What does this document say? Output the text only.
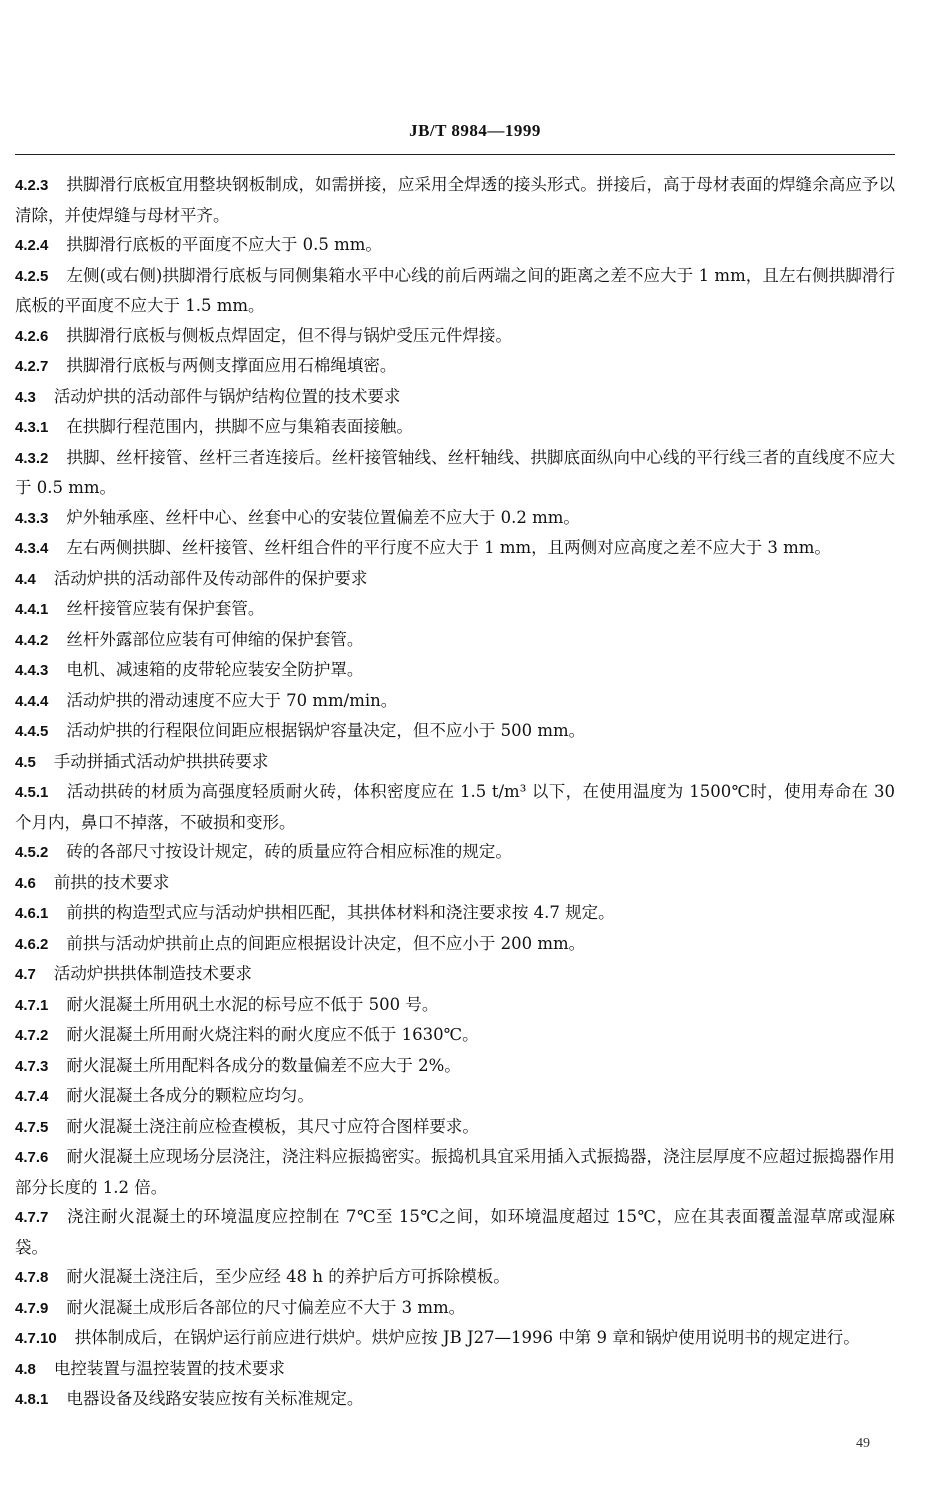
JB/T 8984—1999
4.2.3 拱脚滑行底板宜用整块钢板制成，如需拼接，应采用全焊透的接头形式。拼接后，高于母材表面的焊缝余高应予以清除，并使焊缝与母材平齐。
4.2.4 拱脚滑行底板的平面度不应大于 0.5 mm。
4.2.5 左侧(或右侧)拱脚滑行底板与同侧集箱水平中心线的前后两端之间的距离之差不应大于 1 mm，且左右侧拱脚滑行底板的平面度不应大于 1.5 mm。
4.2.6 拱脚滑行底板与侧板点焊固定，但不得与锅炉受压元件焊接。
4.2.7 拱脚滑行底板与两侧支撑面应用石棉绳填密。
4.3 活动炉拱的活动部件与锅炉结构位置的技术要求
4.3.1 在拱脚行程范围内，拱脚不应与集箱表面接触。
4.3.2 拱脚、丝杆接管、丝杆三者连接后。丝杆接管轴线、丝杆轴线、拱脚底面纵向中心线的平行线三者的直线度不应大于 0.5 mm。
4.3.3 炉外轴承座、丝杆中心、丝套中心的安装位置偏差不应大于 0.2 mm。
4.3.4 左右两侧拱脚、丝杆接管、丝杆组合件的平行度不应大于 1 mm，且两侧对应高度之差不应大于 3 mm。
4.4 活动炉拱的活动部件及传动部件的保护要求
4.4.1 丝杆接管应装有保护套管。
4.4.2 丝杆外露部位应装有可伸缩的保护套管。
4.4.3 电机、减速箱的皮带轮应装安全防护罩。
4.4.4 活动炉拱的滑动速度不应大于 70 mm/min。
4.4.5 活动炉拱的行程限位间距应根据锅炉容量决定，但不应小于 500 mm。
4.5 手动拼插式活动炉拱拱砖要求
4.5.1 活动拱砖的材质为高强度轻质耐火砖，体积密度应在 1.5 t/m³ 以下，在使用温度为 1500℃时，使用寿命在 30 个月内，鼻口不掉落，不破损和变形。
4.5.2 砖的各部尺寸按设计规定，砖的质量应符合相应标准的规定。
4.6 前拱的技术要求
4.6.1 前拱的构造型式应与活动炉拱相匹配，其拱体材料和浇注要求按 4.7 规定。
4.6.2 前拱与活动炉拱前止点的间距应根据设计决定，但不应小于 200 mm。
4.7 活动炉拱拱体制造技术要求
4.7.1 耐火混凝土所用矾土水泥的标号应不低于 500 号。
4.7.2 耐火混凝土所用耐火烧注料的耐火度应不低于 1630℃。
4.7.3 耐火混凝土所用配料各成分的数量偏差不应大于 2%。
4.7.4 耐火混凝土各成分的颗粒应均匀。
4.7.5 耐火混凝土浇注前应检查模板，其尺寸应符合图样要求。
4.7.6 耐火混凝土应现场分层浇注，浇注料应振捣密实。振捣机具宜采用插入式振捣器，浇注层厚度不应超过振捣器作用部分长度的 1.2 倍。
4.7.7 浇注耐火混凝土的环境温度应控制在 7℃至 15℃之间，如环境温度超过 15℃，应在其表面覆盖湿草席或湿麻袋。
4.7.8 耐火混凝土浇注后，至少应经 48 h 的养护后方可拆除模板。
4.7.9 耐火混凝土成形后各部位的尺寸偏差应不大于 3 mm。
4.7.10 拱体制成后，在锅炉运行前应进行烘炉。烘炉应按 JB J27—1996 中第 9 章和锅炉使用说明书的规定进行。
4.8 电控装置与温控装置的技术要求
4.8.1 电器设备及线路安装应按有关标准规定。
49
